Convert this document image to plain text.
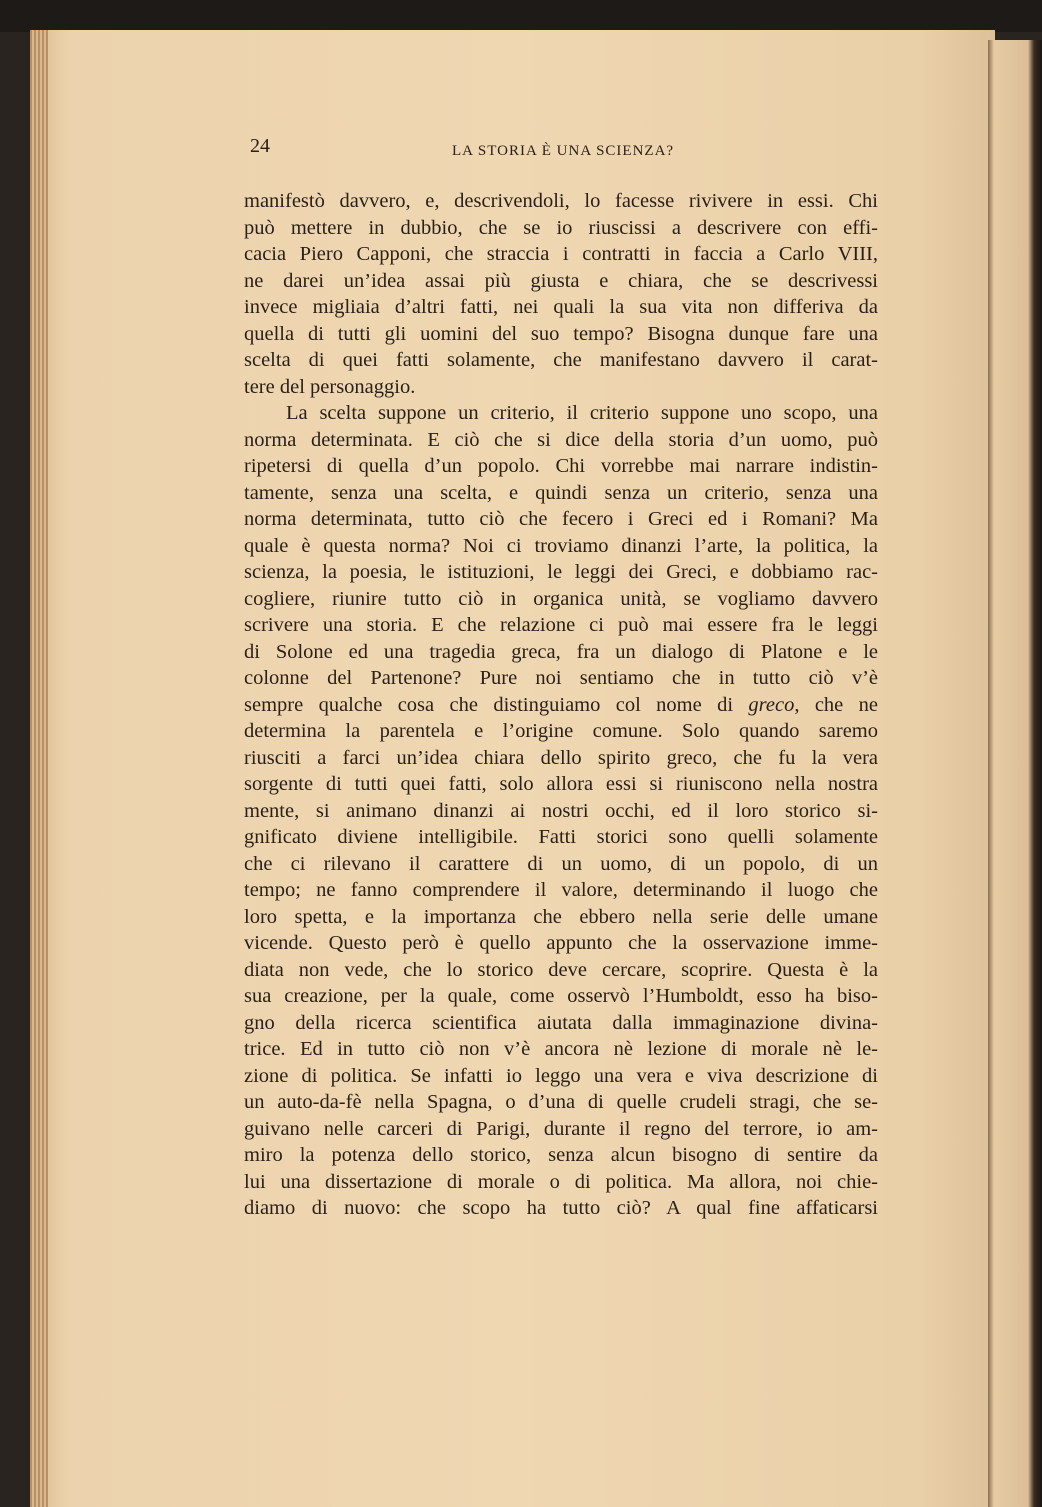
24	LA STORIA È UNA SCIENZA?
manifestò davvero, e, descrivendoli, lo facesse rivivere in essi. Chi
può mettere in dubbio, che se io riuscissi a descrivere con effi-
cacia Piero Capponi, che straccia i contratti in faccia a Carlo VIII,
ne darei un’idea assai più giusta e chiara, che se descrivessi
invece migliaia d’altri fatti, nei quali la sua vita non differiva da
quella di tutti gli uomini del suo tempo? Bisogna dunque fare una
scelta di quei fatti solamente, che manifestano davvero il carat-
tere del personaggio.
La scelta suppone un criterio, il criterio suppone uno scopo, una
norma determinata. E ciò che si dice della storia d’un uomo, può
ripetersi di quella d’un popolo. Chi vorrebbe mai narrare indistin-
tamente, senza una scelta, e quindi senza un criterio, senza una
norma determinata, tutto ciò che fecero i Greci ed i Romani? Ma
quale è questa norma? Noi ci troviamo dinanzi l’arte, la politica, la
scienza, la poesia, le istituzioni, le leggi dei Greci, e dobbiamo rac-
cogliere, riunire tutto ciò in organica unità, se vogliamo davvero
scrivere una storia. E che relazione ci può mai essere fra le leggi
di Solone ed una tragedia greca, fra un dialogo di Platone e le
colonne del Partenone? Pure noi sentiamo che in tutto ciò v’è
sempre qualche cosa che distinguiamo col nome di greco, che ne
determina la parentela e l’origine comune. Solo quando saremo
riusciti a farci un’idea chiara dello spirito greco, che fu la vera
sorgente di tutti quei fatti, solo allora essi si riuniscono nella nostra
mente, si animano dinanzi ai nostri occhi, ed il loro storico si-
gnificato diviene intelligibile. Fatti storici sono quelli solamente
che ci rilevano il carattere di un uomo, di un popolo, di un
tempo; ne fanno comprendere il valore, determinando il luogo che
loro spetta, e la importanza che ebbero nella serie delle umane
vicende. Questo però è quello appunto che la osservazione imme-
diata non vede, che lo storico deve cercare, scoprire. Questa è la
sua creazione, per la quale, come osservò l’Humboldt, esso ha biso-
gno della ricerca scientifica aiutata dalla immaginazione divina-
trice. Ed in tutto ciò non v’è ancora nè lezione di morale nè le-
zione di politica. Se infatti io leggo una vera e viva descrizione di
un auto-da-fè nella Spagna, o d’una di quelle crudeli stragi, che se-
guivano nelle carceri di Parigi, durante il regno del terrore, io am-
miro la potenza dello storico, senza alcun bisogno di sentire da
lui una dissertazione di morale o di politica. Ma allora, noi chie-
diamo di nuovo: che scopo ha tutto ciò? A qual fine affaticarsi
